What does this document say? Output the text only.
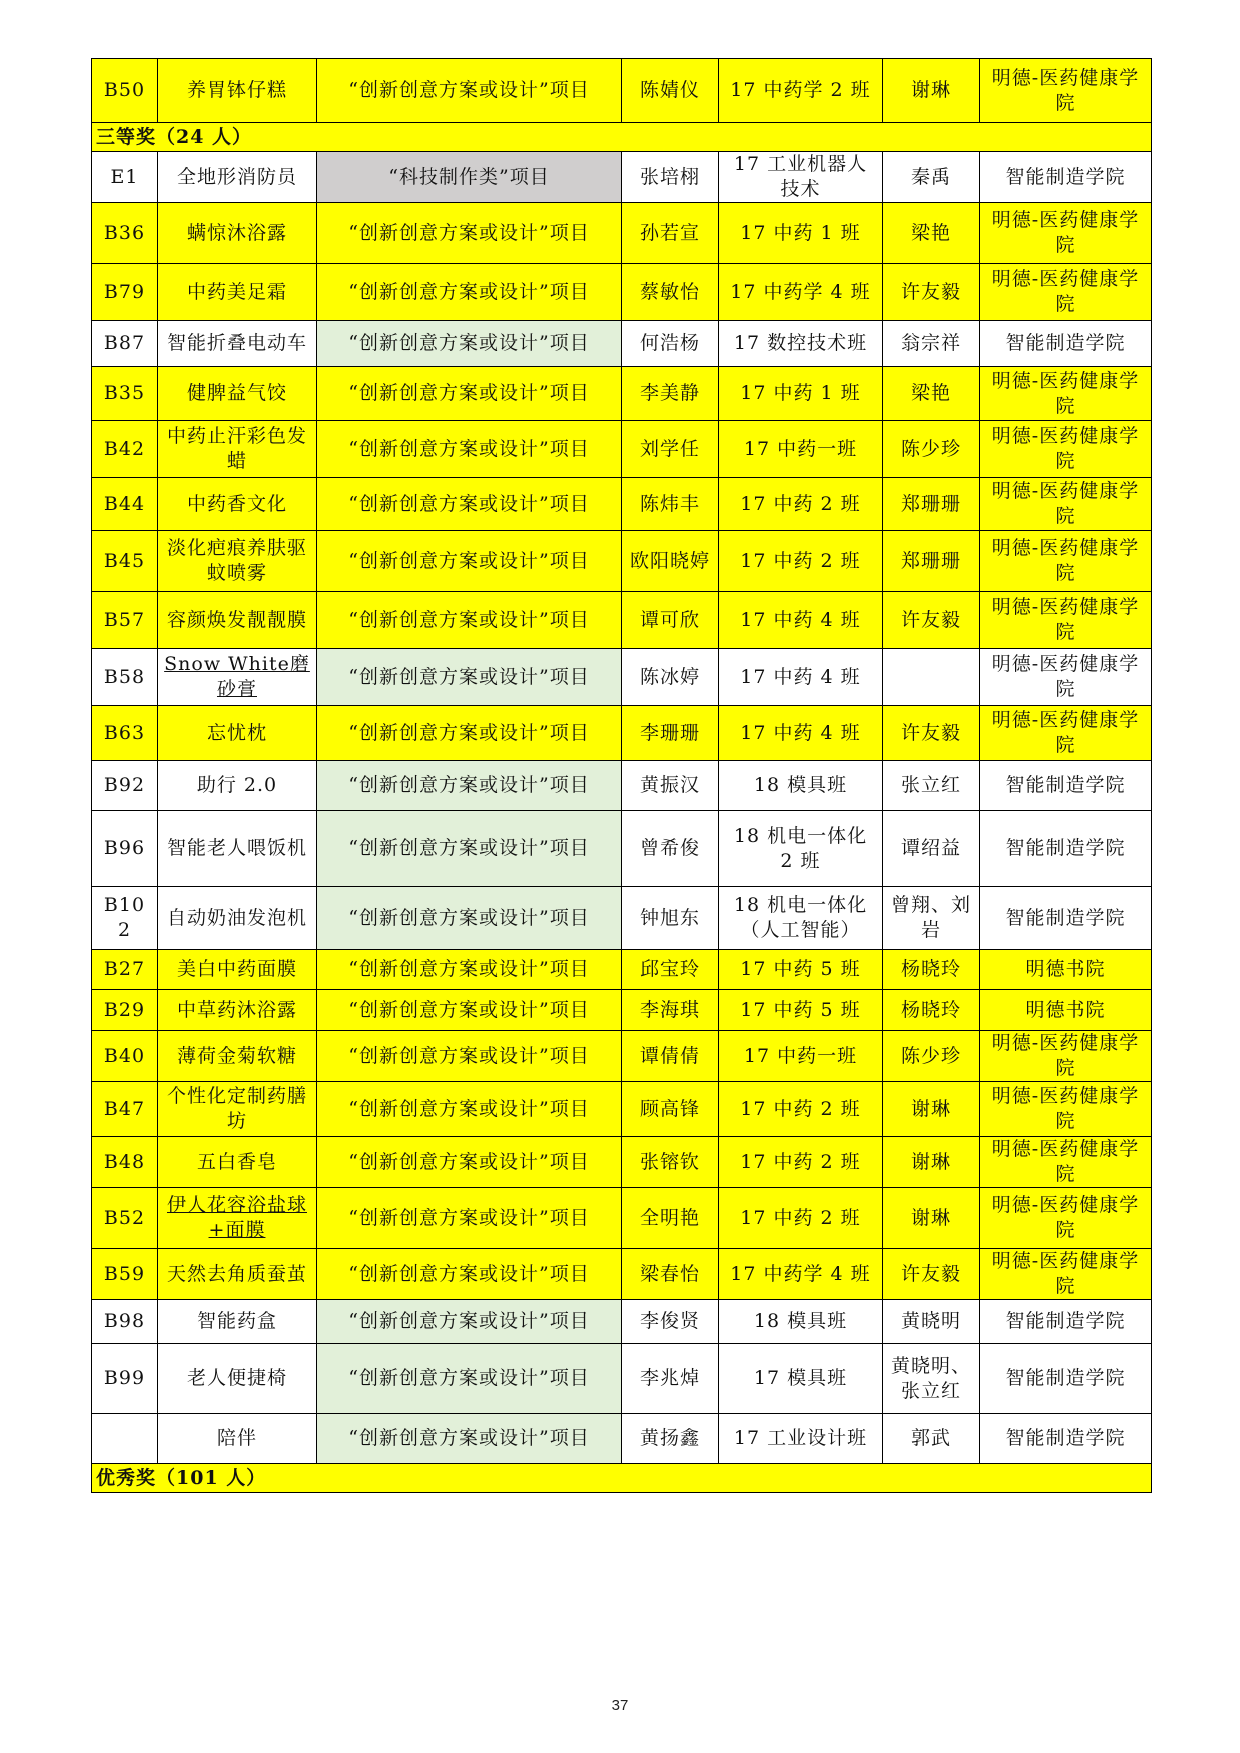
B50	养胃钵仔糕	“创新创意方案或设计”项目	陈婧仪	17 中药学 2 班	谢琳	明德-医药健康学院
三等奖（24 人）						
E1	全地形消防员	“科技制作类”项目	张培栩	17 工业机器人技术	秦禹	智能制造学院
B36	螨惊沐浴露	“创新创意方案或设计”项目	孙若宣	17 中药 1 班	梁艳	明德-医药健康学院
B79	中药美足霜	“创新创意方案或设计”项目	蔡敏怡	17 中药学 4 班	许友毅	明德-医药健康学院
B87	智能折叠电动车	“创新创意方案或设计”项目	何浩杨	17 数控技术班	翁宗祥	智能制造学院
B35	健脾益气饺	“创新创意方案或设计”项目	李美静	17 中药 1 班	梁艳	明德-医药健康学院
B42	中药止汗彩色发蜡	“创新创意方案或设计”项目	刘学任	17 中药一班	陈少珍	明德-医药健康学院
B44	中药香文化	“创新创意方案或设计”项目	陈炜丰	17 中药 2 班	郑珊珊	明德-医药健康学院
B45	淡化疤痕养肤驱蚊喷雾	“创新创意方案或设计”项目	欧阳晓婷	17 中药 2 班	郑珊珊	明德-医药健康学院
B57	容颜焕发靓靓膜	“创新创意方案或设计”项目	谭可欣	17 中药 4 班	许友毅	明德-医药健康学院
B58	Snow White磨砂膏	“创新创意方案或设计”项目	陈冰婷	17 中药 4 班		明德-医药健康学院
B63	忘忧枕	“创新创意方案或设计”项目	李珊珊	17 中药 4 班	许友毅	明德-医药健康学院
B92	助行 2.0	“创新创意方案或设计”项目	黄振汉	18 模具班	张立红	智能制造学院
B96	智能老人喂饭机	“创新创意方案或设计”项目	曾希俊	18 机电一体化 2 班	谭绍益	智能制造学院
B102	自动奶油发泡机	“创新创意方案或设计”项目	钟旭东	18 机电一体化（人工智能）	曾翔、刘岩	智能制造学院
B27	美白中药面膜	“创新创意方案或设计”项目	邱宝玲	17 中药 5 班	杨晓玲	明德书院
B29	中草药沐浴露	“创新创意方案或设计”项目	李海琪	17 中药 5 班	杨晓玲	明德书院
B40	薄荷金菊软糖	“创新创意方案或设计”项目	谭倩倩	17 中药一班	陈少珍	明德-医药健康学院
B47	个性化定制药膳坊	“创新创意方案或设计”项目	顾高锋	17 中药 2 班	谢琳	明德-医药健康学院
B48	五白香皂	“创新创意方案或设计”项目	张镕钦	17 中药 2 班	谢琳	明德-医药健康学院
B52	伊人花容浴盐球+面膜	“创新创意方案或设计”项目	全明艳	17 中药 2 班	谢琳	明德-医药健康学院
B59	天然去角质蚕茧	“创新创意方案或设计”项目	梁春怡	17 中药学 4 班	许友毅	明德-医药健康学院
B98	智能药盒	“创新创意方案或设计”项目	李俊贤	18 模具班	黄晓明	智能制造学院
B99	老人便捷椅	“创新创意方案或设计”项目	李兆焯	17 模具班	黄晓明、张立红	智能制造学院
	陪伴	“创新创意方案或设计”项目	黄扬鑫	17 工业设计班	郭武	智能制造学院
优秀奖（101 人）						
37
